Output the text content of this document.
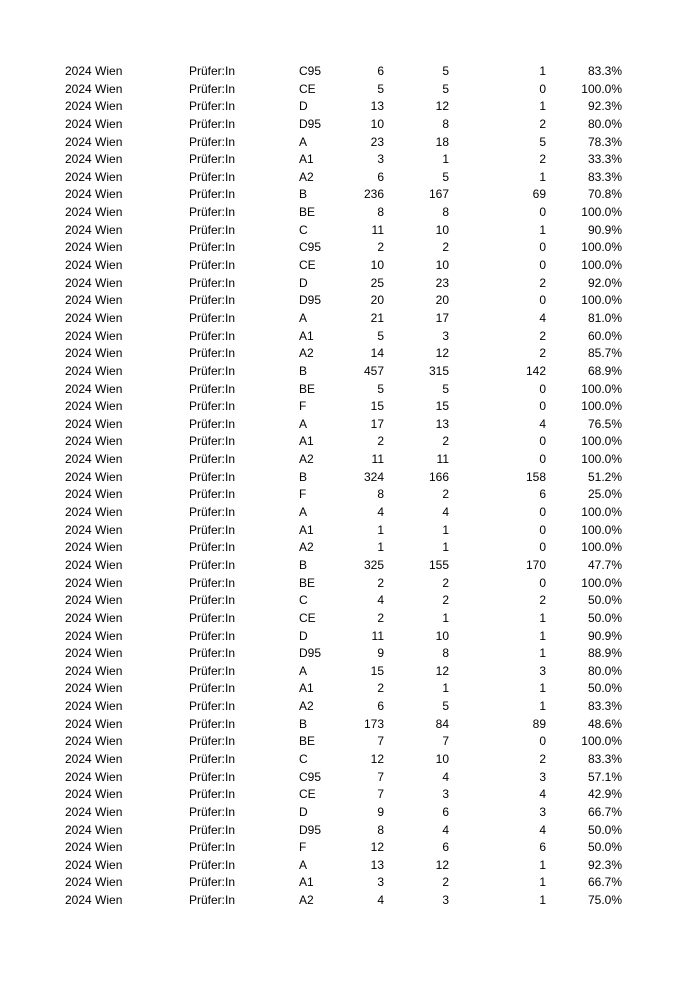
2024 Wien	Prüfer:In	C95	6	5	1	83.3%
2024 Wien	Prüfer:In	CE	5	5	0	100.0%
2024 Wien	Prüfer:In	D	13	12	1	92.3%
2024 Wien	Prüfer:In	D95	10	8	2	80.0%
2024 Wien	Prüfer:In	A	23	18	5	78.3%
2024 Wien	Prüfer:In	A1	3	1	2	33.3%
2024 Wien	Prüfer:In	A2	6	5	1	83.3%
2024 Wien	Prüfer:In	B	236	167	69	70.8%
2024 Wien	Prüfer:In	BE	8	8	0	100.0%
2024 Wien	Prüfer:In	C	11	10	1	90.9%
2024 Wien	Prüfer:In	C95	2	2	0	100.0%
2024 Wien	Prüfer:In	CE	10	10	0	100.0%
2024 Wien	Prüfer:In	D	25	23	2	92.0%
2024 Wien	Prüfer:In	D95	20	20	0	100.0%
2024 Wien	Prüfer:In	A	21	17	4	81.0%
2024 Wien	Prüfer:In	A1	5	3	2	60.0%
2024 Wien	Prüfer:In	A2	14	12	2	85.7%
2024 Wien	Prüfer:In	B	457	315	142	68.9%
2024 Wien	Prüfer:In	BE	5	5	0	100.0%
2024 Wien	Prüfer:In	F	15	15	0	100.0%
2024 Wien	Prüfer:In	A	17	13	4	76.5%
2024 Wien	Prüfer:In	A1	2	2	0	100.0%
2024 Wien	Prüfer:In	A2	11	11	0	100.0%
2024 Wien	Prüfer:In	B	324	166	158	51.2%
2024 Wien	Prüfer:In	F	8	2	6	25.0%
2024 Wien	Prüfer:In	A	4	4	0	100.0%
2024 Wien	Prüfer:In	A1	1	1	0	100.0%
2024 Wien	Prüfer:In	A2	1	1	0	100.0%
2024 Wien	Prüfer:In	B	325	155	170	47.7%
2024 Wien	Prüfer:In	BE	2	2	0	100.0%
2024 Wien	Prüfer:In	C	4	2	2	50.0%
2024 Wien	Prüfer:In	CE	2	1	1	50.0%
2024 Wien	Prüfer:In	D	11	10	1	90.9%
2024 Wien	Prüfer:In	D95	9	8	1	88.9%
2024 Wien	Prüfer:In	A	15	12	3	80.0%
2024 Wien	Prüfer:In	A1	2	1	1	50.0%
2024 Wien	Prüfer:In	A2	6	5	1	83.3%
2024 Wien	Prüfer:In	B	173	84	89	48.6%
2024 Wien	Prüfer:In	BE	7	7	0	100.0%
2024 Wien	Prüfer:In	C	12	10	2	83.3%
2024 Wien	Prüfer:In	C95	7	4	3	57.1%
2024 Wien	Prüfer:In	CE	7	3	4	42.9%
2024 Wien	Prüfer:In	D	9	6	3	66.7%
2024 Wien	Prüfer:In	D95	8	4	4	50.0%
2024 Wien	Prüfer:In	F	12	6	6	50.0%
2024 Wien	Prüfer:In	A	13	12	1	92.3%
2024 Wien	Prüfer:In	A1	3	2	1	66.7%
2024 Wien	Prüfer:In	A2	4	3	1	75.0%
